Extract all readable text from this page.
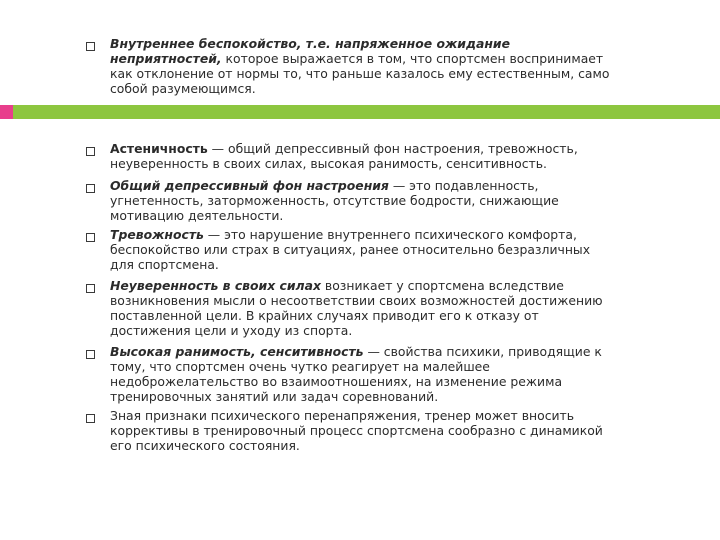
Внутреннее беспокойство, т.е. напряженное ожидание неприятностей, которое выражается в том, что спортсмен воспринимает как отклонение от нормы то, что раньше казалось ему естественным, само собой разумеющимся.
Астеничность — общий депрессивный фон настроения, тревожность, неуверенность в своих силах, высокая ранимость, сенситивность.
Общий депрессивный фон настроения — это подавленность, угнетенность, заторможенность, отсутствие бодрости, снижающие мотивацию деятельности.
Тревожность — это нарушение внутреннего психического комфорта, беспокойство или страх в ситуациях, ранее относительно безразличных для спортсмена.
Неуверенность в своих силах возникает у спортсмена вследствие возникновения мысли о несоответствии своих возможностей достижению поставленной цели. В крайних случаях приводит его к отказу от достижения цели и уходу из спорта.
Высокая ранимость, сенситивность — свойства психики, приводящие к тому, что спортсмен очень чутко реагирует на малейшее недоброжелательство во взаимоотношениях, на изменение режима тренировочных занятий или задач соревнований.
Зная признаки психического перенапряжения, тренер может вносить коррективы в тренировочный процесс спортсмена сообразно с динамикой его психического состояния.
